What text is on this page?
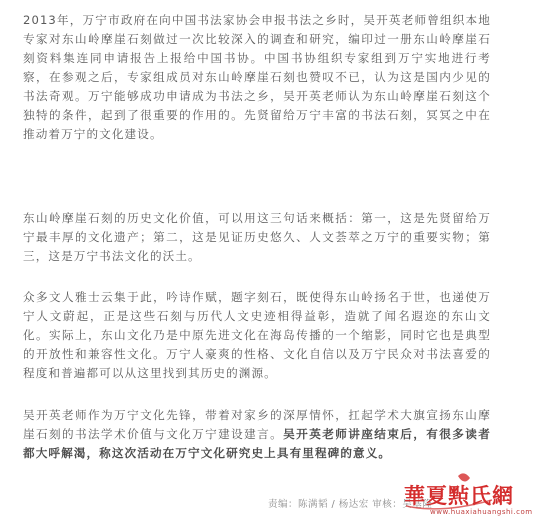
2013年，万宁市政府在向中国书法家协会申报书法之乡时，吴开英老师曾组织本地专家对东山岭摩崖石刻做过一次比较深入的调查和研究，编印过一册东山岭摩崖石刻资料集连同申请报告上报给中国书协。中国书协组织专家组到万宁实地进行考察，在参观之后，专家组成员对东山岭摩崖石刻也赞叹不已，认为这是国内少见的书法奇观。万宁能够成功申请成为书法之乡，吴开英老师认为东山岭摩崖石刻这个独特的条件，起到了很重要的作用的。先贤留给万宁丰富的书法石刻，冥冥之中在推动着万宁的文化建设。
东山岭摩崖石刻的历史文化价值，可以用这三句话来概括：第一，这是先贤留给万宁最丰厚的文化遗产；第二，这是见证历史悠久、人文荟萃之万宁的重要实物；第三，这是万宁书法文化的沃土。
众多文人雅士云集于此，吟诗作赋，题字刻石，既使得东山岭扬名于世，也递使万宁人文蔚起，正是这些石刻与历代人文史迹相得益彰，造就了闻名遐迩的东山文化。实际上，东山文化乃是中原先进文化在海岛传播的一个缩影，同时它也是典型的开放性和兼容性文化。万宁人豪爽的性格、文化自信以及万宁民众对书法喜爱的程度和普遍都可以从这里找到其历史的渊源。
吴开英老师作为万宁文化先锋，带着对家乡的深厚情怀，扛起学术大旗宣扬东山摩崖石刻的书法学术价值与文化万宁建设建言。吴开英老师讲座结束后，有很多读者都大呼解渴，称这次活动在万宁文化研究史上具有里程碑的意义。
责编：陈满韬 / 杨达宏 审核：吴基隆
華夏㸃氏網
www.huaxiahuangshi.com
